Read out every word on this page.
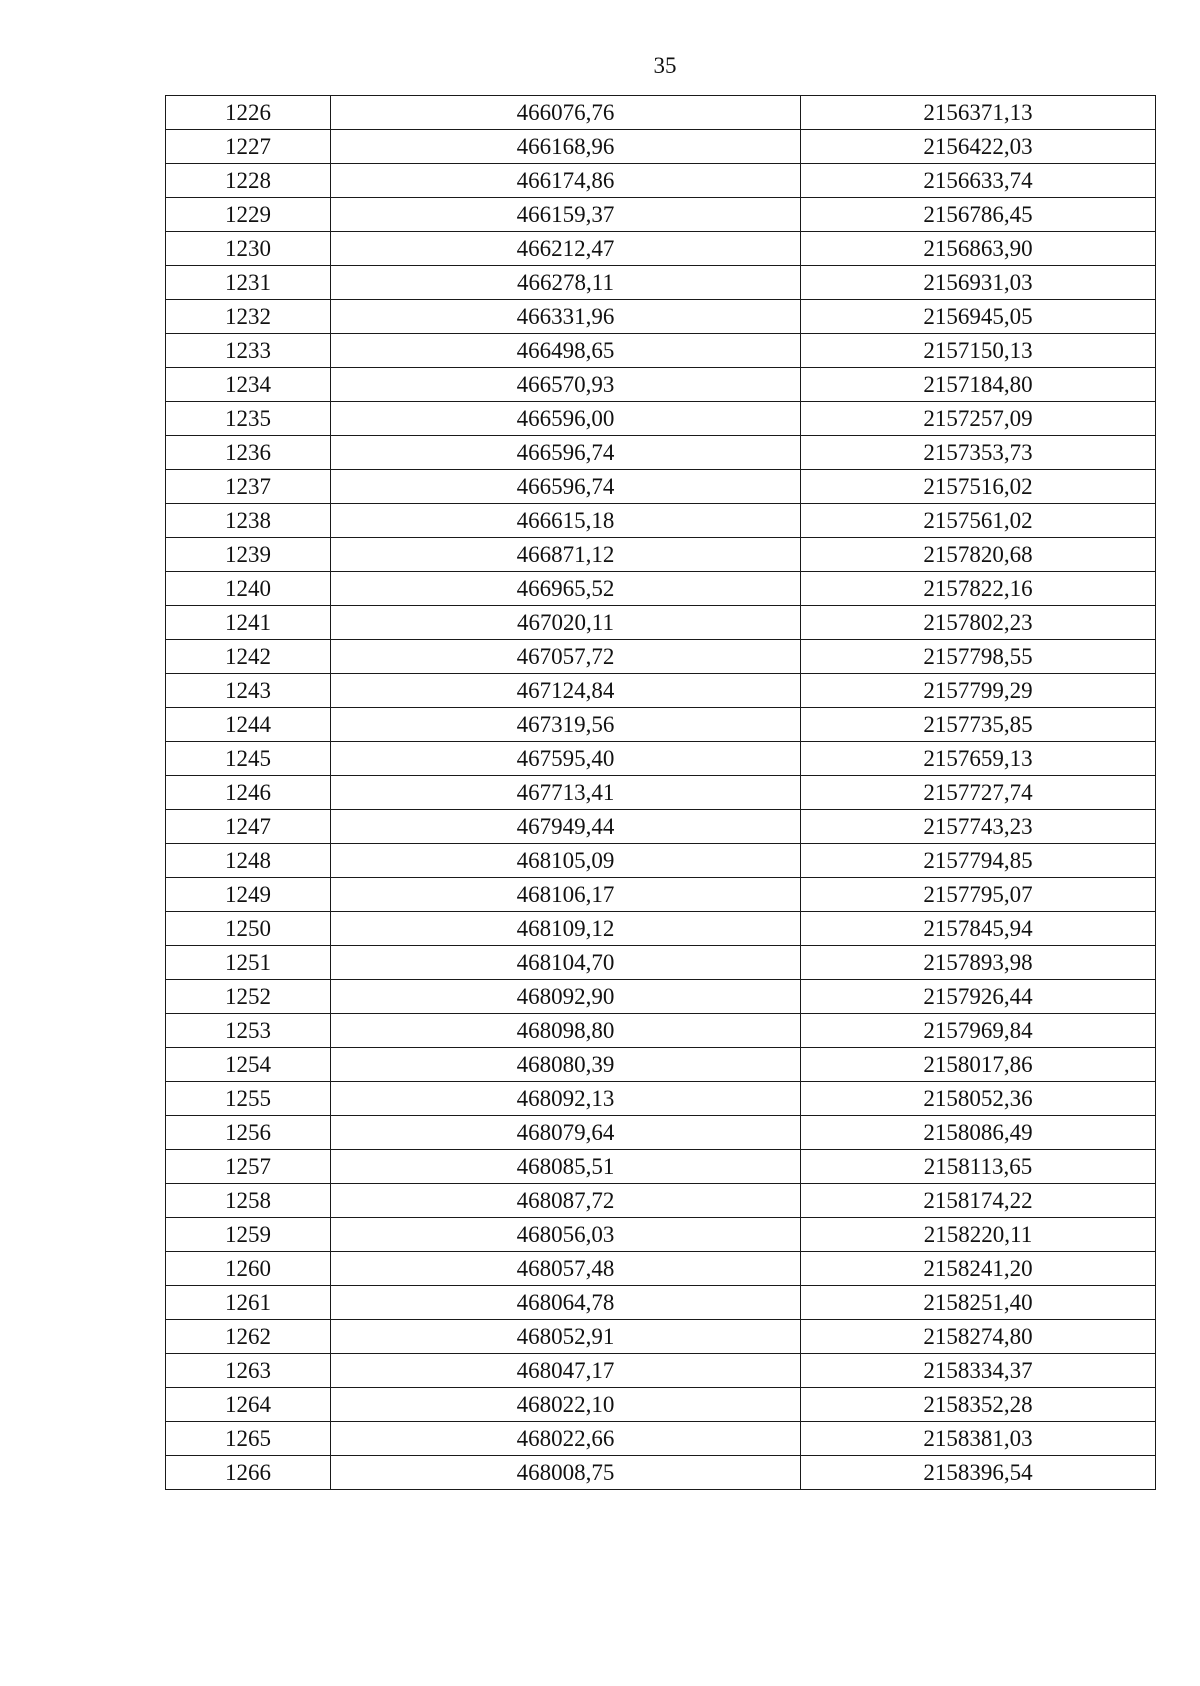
35
1226	466076,76	2156371,13
1227	466168,96	2156422,03
1228	466174,86	2156633,74
1229	466159,37	2156786,45
1230	466212,47	2156863,90
1231	466278,11	2156931,03
1232	466331,96	2156945,05
1233	466498,65	2157150,13
1234	466570,93	2157184,80
1235	466596,00	2157257,09
1236	466596,74	2157353,73
1237	466596,74	2157516,02
1238	466615,18	2157561,02
1239	466871,12	2157820,68
1240	466965,52	2157822,16
1241	467020,11	2157802,23
1242	467057,72	2157798,55
1243	467124,84	2157799,29
1244	467319,56	2157735,85
1245	467595,40	2157659,13
1246	467713,41	2157727,74
1247	467949,44	2157743,23
1248	468105,09	2157794,85
1249	468106,17	2157795,07
1250	468109,12	2157845,94
1251	468104,70	2157893,98
1252	468092,90	2157926,44
1253	468098,80	2157969,84
1254	468080,39	2158017,86
1255	468092,13	2158052,36
1256	468079,64	2158086,49
1257	468085,51	2158113,65
1258	468087,72	2158174,22
1259	468056,03	2158220,11
1260	468057,48	2158241,20
1261	468064,78	2158251,40
1262	468052,91	2158274,80
1263	468047,17	2158334,37
1264	468022,10	2158352,28
1265	468022,66	2158381,03
1266	468008,75	2158396,54
